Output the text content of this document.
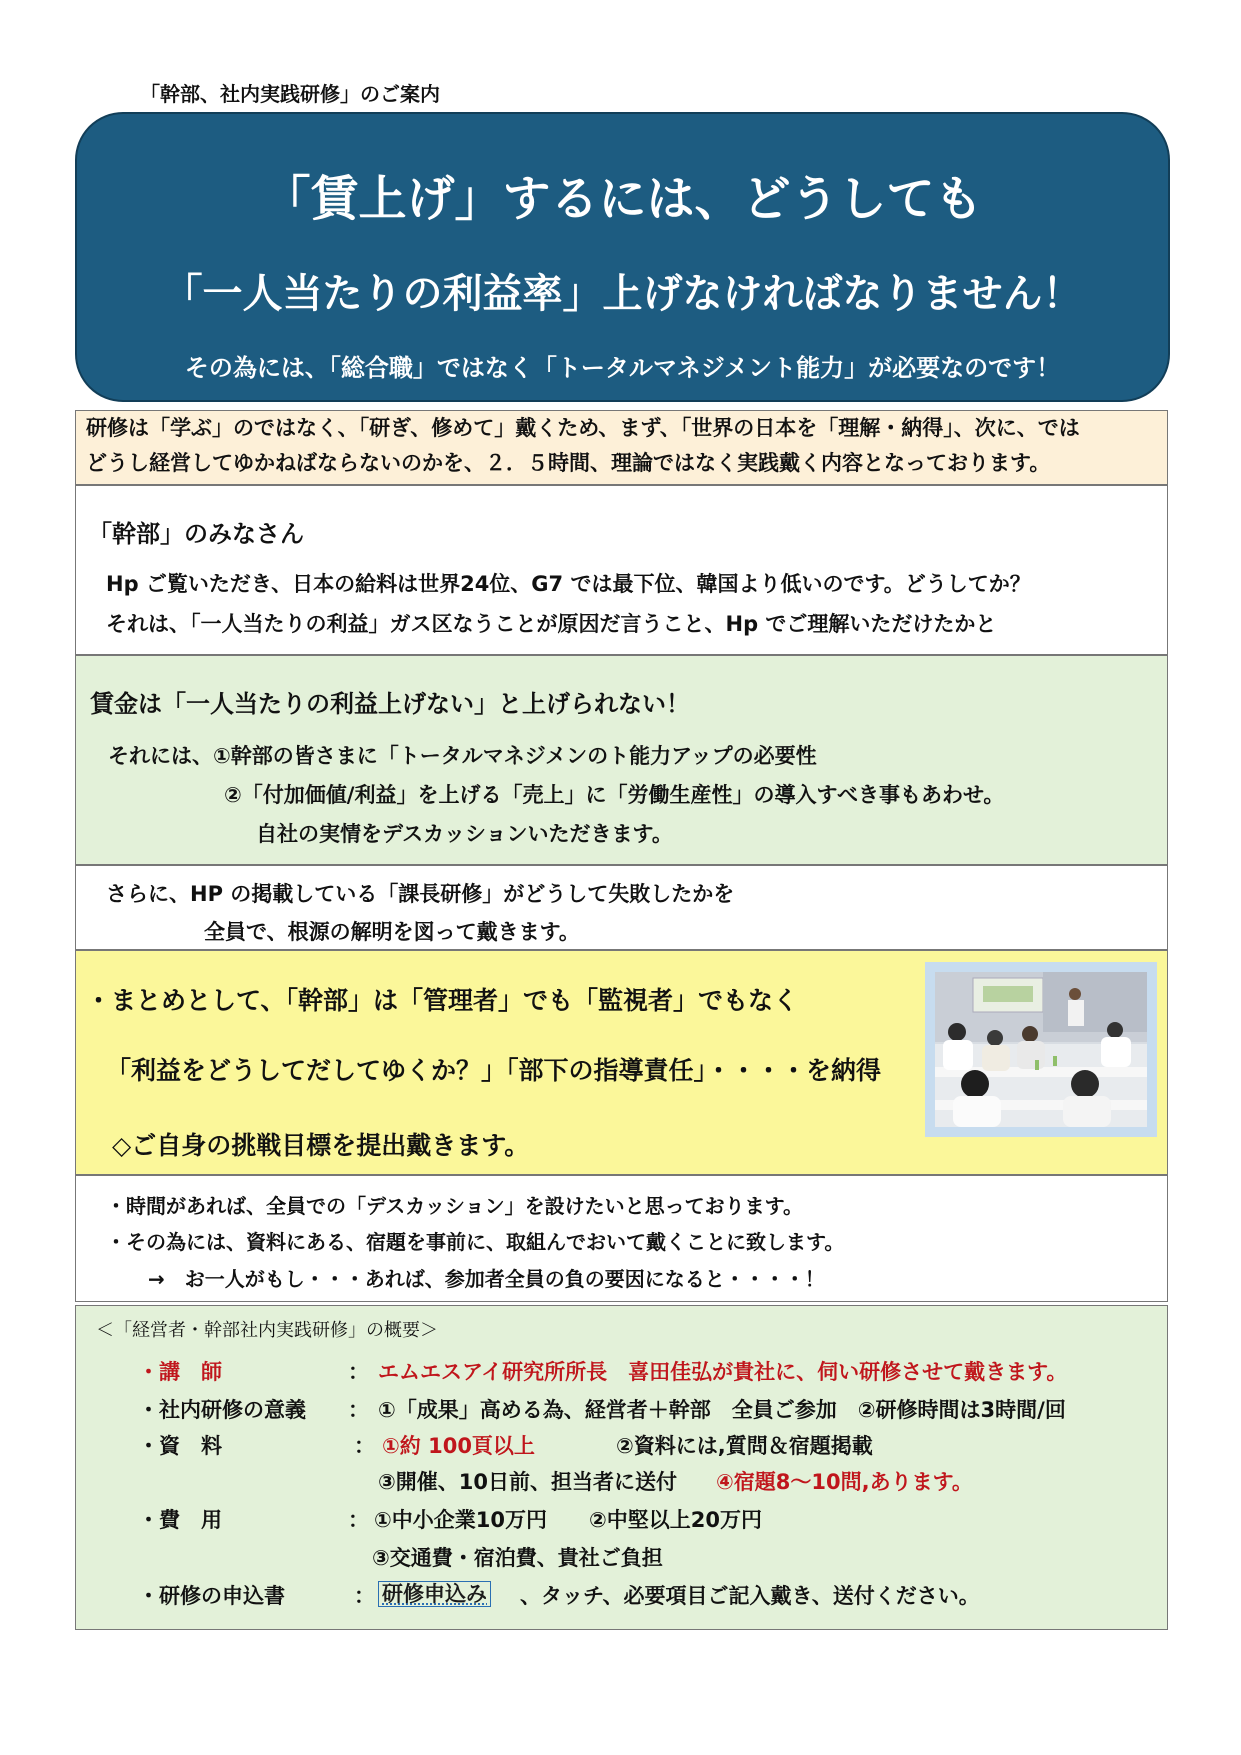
「幹部、社内実践研修」のご案内
「賃上げ」するには、どうしても
「一人当たりの利益率」上げなければなりません！
その為には、「総合職」ではなく「トータルマネジメント能力」が必要なのです！
研修は「学ぶ」のではなく、「研ぎ、修めて」戴くため、まず、「世界の日本を「理解・納得」、次に、では
どうし経営してゆかねばならないのかを、２．５時間、理論ではなく実践戴く内容となっております。
「幹部」のみなさん
Hp ご覧いただき、日本の給料は世界24位、G7 では最下位、韓国より低いのです。どうしてか？
それは、「一人当たりの利益」ガス区なうことが原因だ言うこと、Hp でご理解いただけたかと
賃金は「一人当たりの利益上げない」と上げられない！
それには、①幹部の皆さまに「トータルマネジメンのト能力アップの必要性
②「付加価値/利益」を上げる「売上」に「労働生産性」の導入すべき事もあわせ。
自社の実情をデスカッションいただきます。
さらに、HP の掲載している「課長研修」がどうして失敗したかを
全員で、根源の解明を図って戴きます。
・まとめとして、「幹部」は「管理者」でも「監視者」でもなく
「利益をどうしてだしてゆくか？」「部下の指導責任」・・・・を納得
◇ご自身の挑戦目標を提出戴きます。
・時間があれば、全員での「デスカッション」を設けたいと思っております。
・その為には、資料にある、宿題を事前に、取組んでおいて戴くことに致します。
→　お一人がもし・・・あれば、参加者全員の負の要因になると・・・・！
＜「経営者・幹部社内実践研修」の概要＞
・講　師	： エムエスアイ研究所所長　喜田佳弘が貴社に、伺い研修させて戴きます。
・社内研修の意義 ： ①「成果」高める為、経営者＋幹部　全員ご参加　②研修時間は3時間/回
・資　料	： ①約 100頁以上	②資料には,質問＆宿題掲載
③開催、10日前、担当者に送付 ④宿題8～10問,あります。
・費　用	： ①中小企業10万円　　②中堅以上20万円
③交通費・宿泊費、貴社ご負担
・研修の申込書	： 研修申込み 、タッチ、必要項目ご記入戴き、送付ください。
